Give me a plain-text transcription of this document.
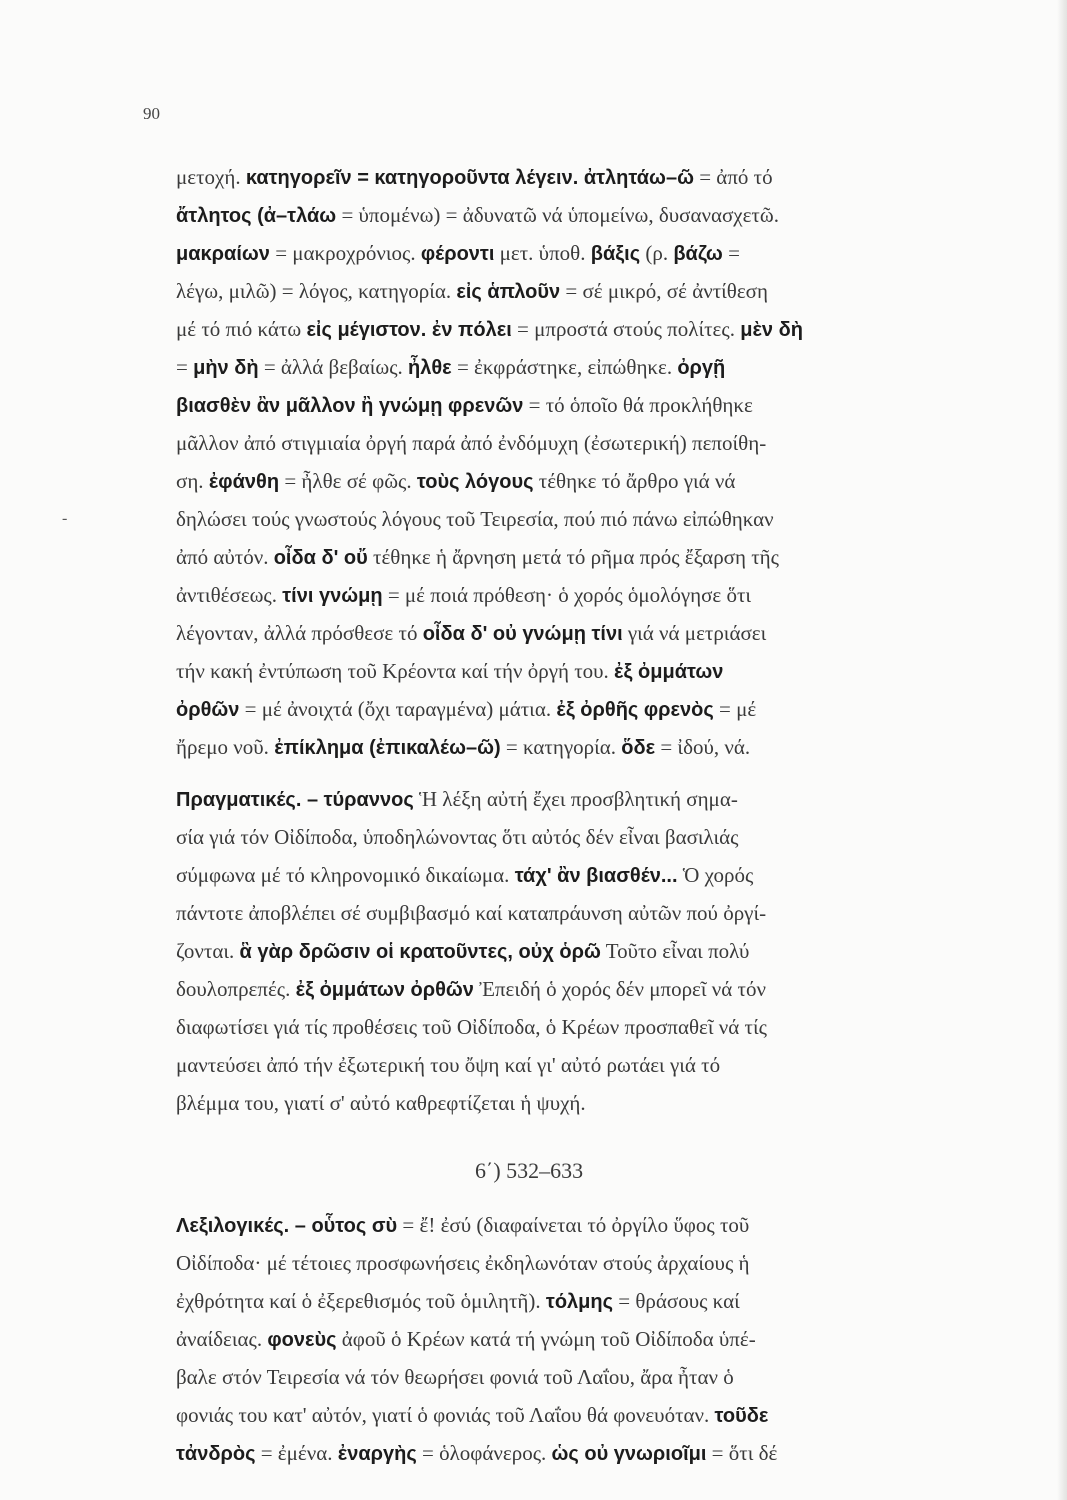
90
-
μετοχή. κατηγορεῖν = κατηγοροῦντα λέγειν. ἀτλητάω–ῶ = ἀπό τό
ἄτλητος (ἀ–τλάω = ὑπομένω) = ἀδυνατῶ νά ὑπομείνω, δυσανασχετῶ.
μακραίων = μακροχρόνιος. φέροντι μετ. ὑποθ. βάξις (ρ. βάζω =
λέγω, μιλῶ) = λόγος, κατηγορία. εἰς ἁπλοῦν = σέ μικρό, σέ ἀντίθεση
μέ τό πιό κάτω εἰς μέγιστον. ἐν πόλει = μπροστά στούς πολίτες. μὲν δὴ
= μὴν δὴ = ἀλλά βεβαίως. ἦλθε = ἐκφράστηκε, εἰπώθηκε. ὀργῇ
βιασθὲν ἂν μᾶλλον ἢ γνώμῃ φρενῶν = τό ὁποῖο θά προκλήθηκε
μᾶλλον ἀπό στιγμιαία ὀργή παρά ἀπό ἐνδόμυχη (ἐσωτερική) πεποίθη-
ση. ἐφάνθη = ἦλθε σέ φῶς. τοὺς λόγους τέθηκε τό ἄρθρο γιά νά
δηλώσει τούς γνωστούς λόγους τοῦ Τειρεσία, πού πιό πάνω εἰπώθηκαν
ἀπό αὐτόν. οἶδα δ' οὔ τέθηκε ἡ ἄρνηση μετά τό ρῆμα πρός ἔξαρση τῆς
ἀντιθέσεως. τίνι γνώμῃ = μέ ποιά πρόθεση· ὁ χορός ὁμολόγησε ὅτι
λέγονταν, ἀλλά πρόσθεσε τό οἶδα δ' οὐ γνώμῃ τίνι γιά νά μετριάσει
τήν κακή ἐντύπωση τοῦ Κρέοντα καί τήν ὀργή του. ἐξ ὀμμάτων
ὀρθῶν = μέ ἀνοιχτά (ὄχι ταραγμένα) μάτια. ἐξ ὀρθῆς φρενὸς = μέ
ἤρεμο νοῦ. ἐπίκλημα (ἐπικαλέω–ῶ) = κατηγορία. ὅδε = ἰδού, νά.
Πραγματικές. – τύραννος Ἡ λέξη αὐτή ἔχει προσβλητική σημα-
σία γιά τόν Οἰδίποδα, ὑποδηλώνοντας ὅτι αὐτός δέν εἶναι βασιλιάς
σύμφωνα μέ τό κληρονομικό δικαίωμα. τάχ' ἂν βιασθέν... Ὁ χορός
πάντοτε ἀποβλέπει σέ συμβιβασμό καί καταπράυνση αὐτῶν πού ὀργί-
ζονται. ἃ γὰρ δρῶσιν οἱ κρατοῦντες, οὐχ ὁρῶ Τοῦτο εἶναι πολύ
δουλοπρεπές. ἐξ ὀμμάτων ὀρθῶν Ἐπειδή ὁ χορός δέν μπορεῖ νά τόν
διαφωτίσει γιά τίς προθέσεις τοῦ Οἰδίποδα, ὁ Κρέων προσπαθεῖ νά τίς
μαντεύσει ἀπό τήν ἐξωτερική του ὄψη καί γι' αὐτό ρωτάει γιά τό
βλέμμα του, γιατί σ' αὐτό καθρεφτίζεται ἡ ψυχή.
6΄) 532–633
Λεξιλογικές. – οὗτος σὺ = ἔ! ἐσύ (διαφαίνεται τό ὀργίλο ὕφος τοῦ
Οἰδίποδα· μέ τέτοιες προσφωνήσεις ἐκδηλωνόταν στούς ἀρχαίους ἡ
ἐχθρότητα καί ὁ ἐξερεθισμός τοῦ ὁμιλητῆ). τόλμης = θράσους καί
ἀναίδειας. φονεὺς ἀφοῦ ὁ Κρέων κατά τή γνώμη τοῦ Οἰδίποδα ὑπέ-
βαλε στόν Τειρεσία νά τόν θεωρήσει φονιά τοῦ Λαΐου, ἄρα ἦταν ὁ
φονιάς του κατ' αὐτόν, γιατί ὁ φονιάς τοῦ Λαΐου θά φονευόταν. τοῦδε
τἀνδρὸς = ἐμένα. ἐναργὴς = ὁλοφάνερος. ὡς οὐ γνωριοῖμι = ὅτι δέ
